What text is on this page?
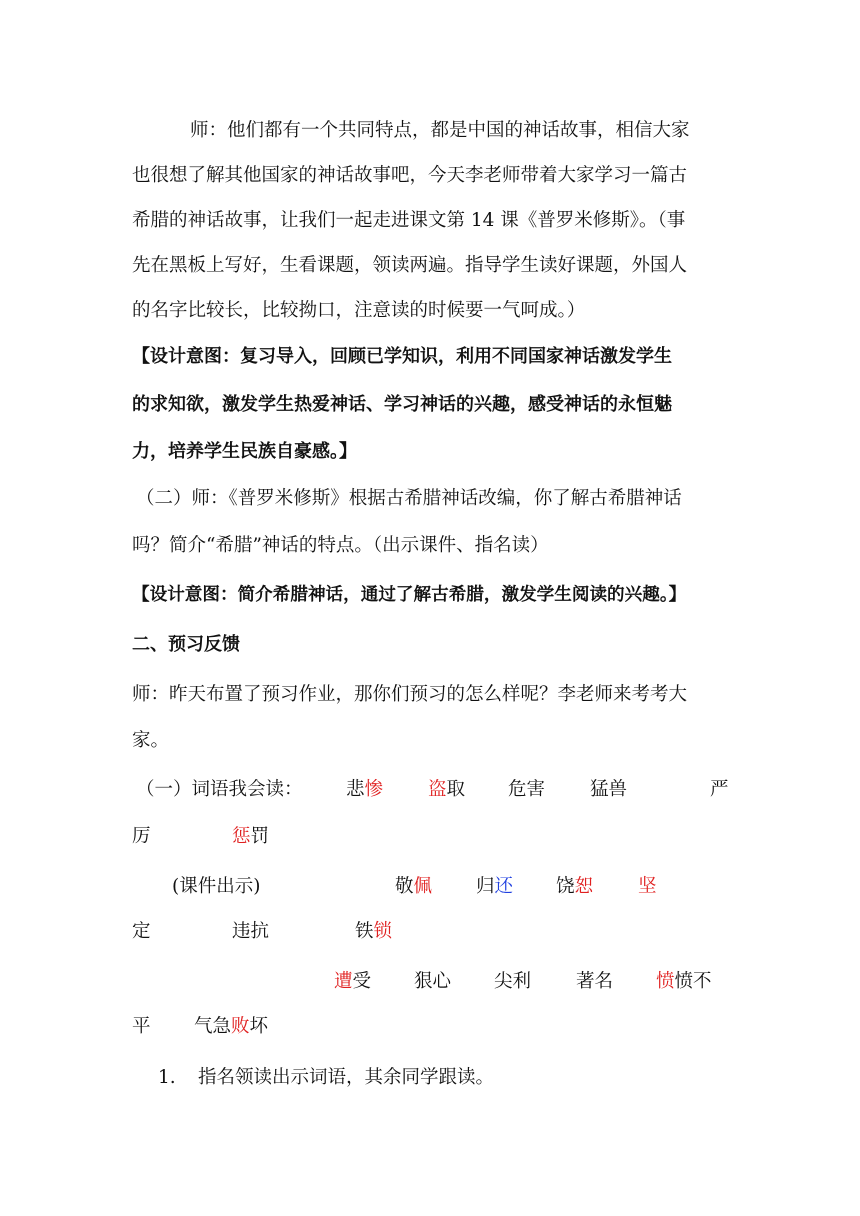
师：他们都有一个共同特点，都是中国的神话故事，相信大家
也很想了解其他国家的神话故事吧，今天李老师带着大家学习一篇古
希腊的神话故事，让我们一起走进课文第 14 课《普罗米修斯》。（事
先在黑板上写好，生看课题，领读两遍。指导学生读好课题，外国人
的名字比较长，比较拗口，注意读的时候要一气呵成。）
【设计意图：复习导入，回顾已学知识，利用不同国家神话激发学生
的求知欲，激发学生热爱神话、学习神话的兴趣，感受神话的永恒魅
力，培养学生民族自豪感。】
（二）师：《普罗米修斯》根据古希腊神话改编，你了解古希腊神话
吗？简介“希腊”神话的特点。（出示课件、指名读）
【设计意图：简介希腊神话，通过了解古希腊，激发学生阅读的兴趣。】
二、预习反馈
师：昨天布置了预习作业，那你们预习的怎么样呢？李老师来考考大
家。
（一）词语我会读： 悲惨 盗取 危害 猛兽	严
厉	惩罚
(课件出示)	敬佩 归还 饶恕 坚
定	违抗	铁锁
遭受 狠心 尖利 著名 愤愤不
平 气急败坏
1. 指名领读出示词语，其余同学跟读。
